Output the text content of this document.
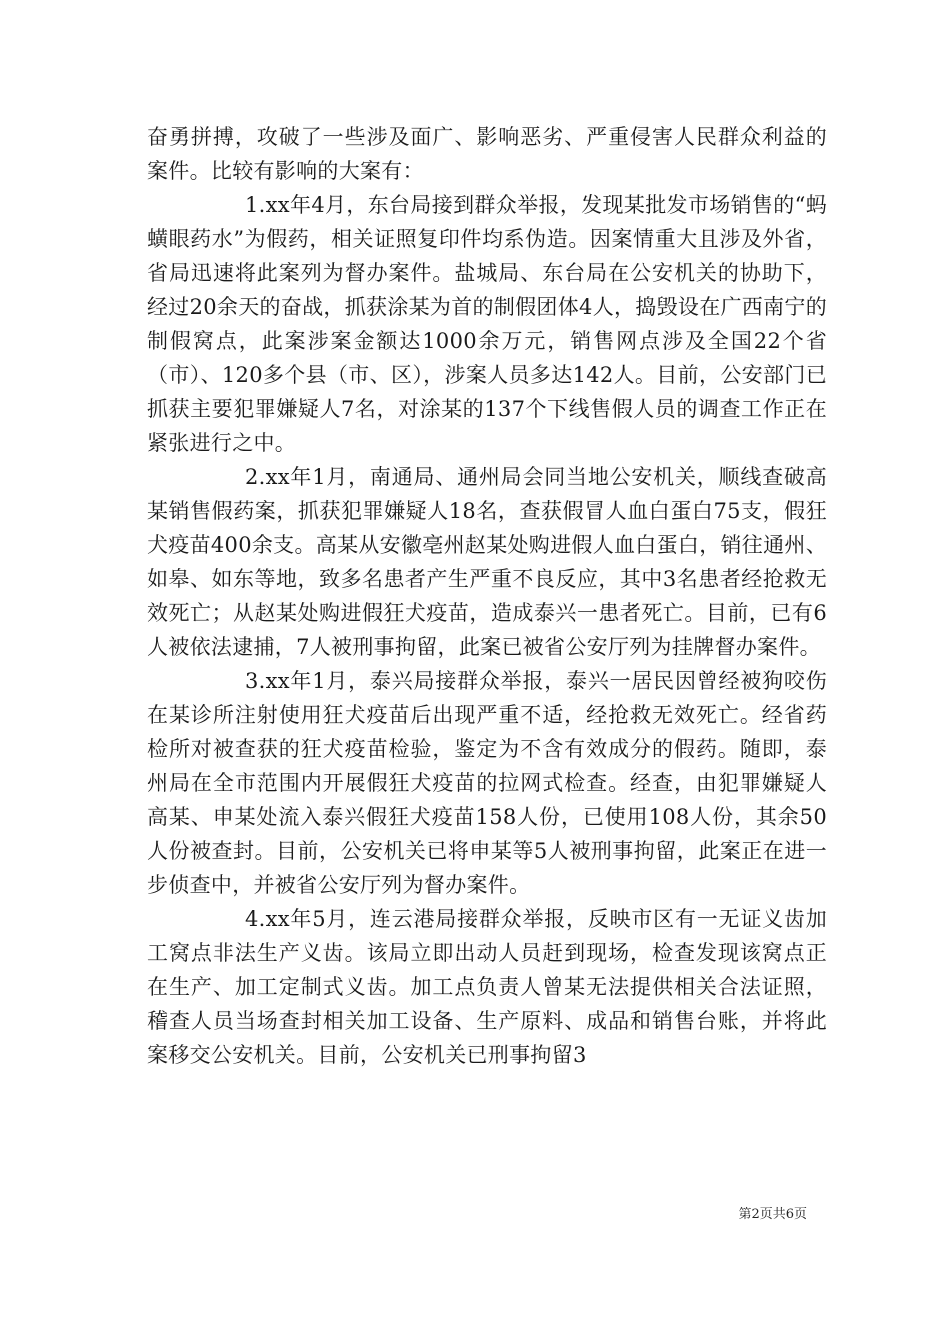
奋勇拼搏，攻破了一些涉及面广、影响恶劣、严重侵害人民群众利益的案件。比较有影响的大案有：

1.xx年4月，东台局接到群众举报，发现某批发市场销售的“蚂蟥眼药水”为假药，相关证照复印件均系伪造。因案情重大且涉及外省，省局迅速将此案列为督办案件。盐城局、东台局在公安机关的协助下，经过20余天的奋战，抓获涂某为首的制假团体4人，捣毁设在广西南宁的制假窝点，此案涉案金额达1000余万元，销售网点涉及全国22个省（市）、120多个县（市、区），涉案人员多达142人。目前，公安部门已抓获主要犯罪嫌疑人7名，对涂某的137个下线售假人员的调查工作正在紧张进行之中。

2.xx年1月，南通局、通州局会同当地公安机关，顺线查破高某销售假药案，抓获犯罪嫌疑人18名，查获假冒人血白蛋白75支，假狂犬疫苗400余支。高某从安徽亳州赵某处购进假人血白蛋白，销往通州、如皋、如东等地，致多名患者产生严重不良反应，其中3名患者经抢救无效死亡；从赵某处购进假狂犬疫苗，造成泰兴一患者死亡。目前，已有6人被依法逮捕，7人被刑事拘留，此案已被省公安厅列为挂牌督办案件。

3.xx年1月，泰兴局接群众举报，泰兴一居民因曾经被狗咬伤在某诊所注射使用狂犬疫苗后出现严重不适，经抢救无效死亡。经省药检所对被查获的狂犬疫苗检验，鉴定为不含有效成分的假药。随即，泰州局在全市范围内开展假狂犬疫苗的拉网式检查。经查，由犯罪嫌疑人高某、申某处流入泰兴假狂犬疫苗158人份，已使用108人份，其余50人份被查封。目前，公安机关已将申某等5人被刑事拘留，此案正在进一步侦查中，并被省公安厅列为督办案件。

4.xx年5月，连云港局接群众举报，反映市区有一无证义齿加工窝点非法生产义齿。该局立即出动人员赶到现场，检查发现该窝点正在生产、加工定制式义齿。加工点负责人曾某无法提供相关合法证照，稽查人员当场查封相关加工设备、生产原料、成品和销售台账，并将此案移交公安机关。目前，公安机关已刑事拘留3

第2页共6页
